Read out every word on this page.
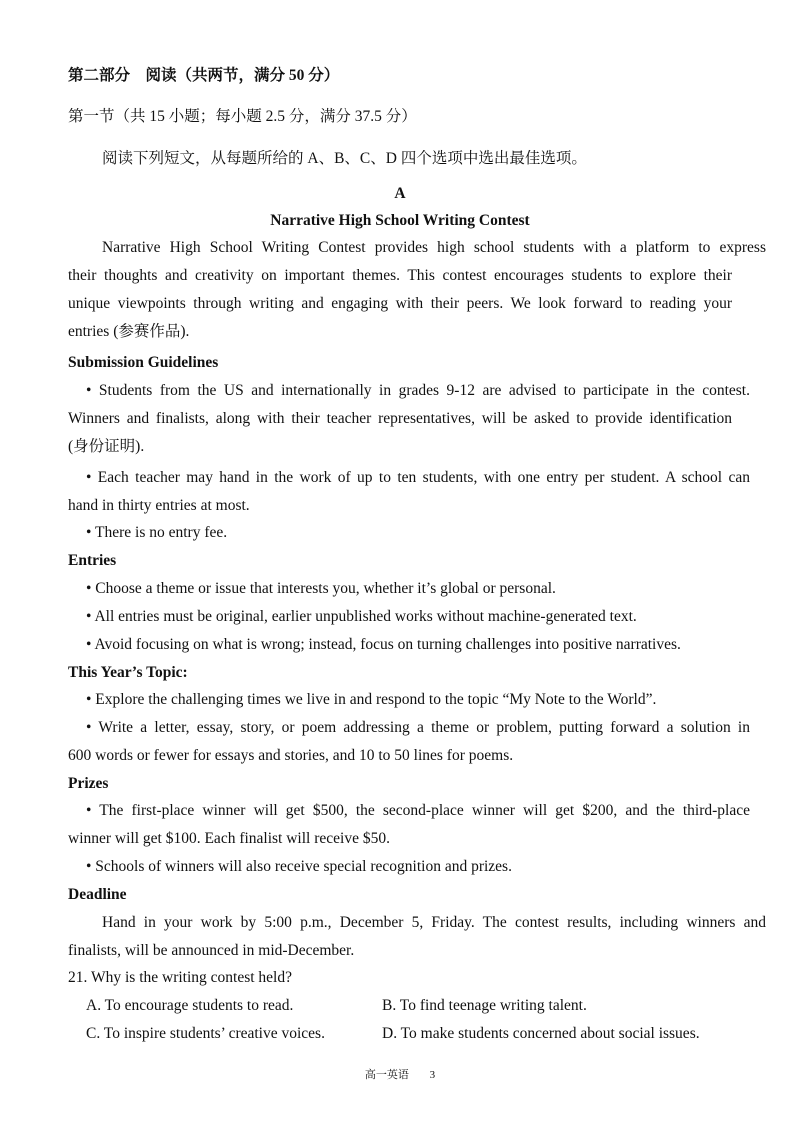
第二部分　阅读（共两节，满分 50 分）
第一节（共 15 小题；每小题 2.5 分，满分 37.5 分）
阅读下列短文，从每题所给的 A、B、C、D 四个选项中选出最佳选项。
A
Narrative High School Writing Contest
Narrative High School Writing Contest provides high school students with a platform to express
their thoughts and creativity on important themes. This contest encourages students to explore their
unique viewpoints through writing and engaging with their peers. We look forward to reading your
entries (参赛作品).
Submission Guidelines
• Students from the US and internationally in grades 9-12 are advised to participate in the contest.
Winners and finalists, along with their teacher representatives, will be asked to provide identification
(身份证明).
• Each teacher may hand in the work of up to ten students, with one entry per student. A school can
hand in thirty entries at most.
• There is no entry fee.
Entries
• Choose a theme or issue that interests you, whether it’s global or personal.
• All entries must be original, earlier unpublished works without machine-generated text.
• Avoid focusing on what is wrong; instead, focus on turning challenges into positive narratives.
This Year’s Topic:
• Explore the challenging times we live in and respond to the topic “My Note to the World”.
• Write a letter, essay, story, or poem addressing a theme or problem, putting forward a solution in
600 words or fewer for essays and stories, and 10 to 50 lines for poems.
Prizes
• The first-place winner will get $500, the second-place winner will get $200, and the third-place
winner will get $100. Each finalist will receive $50.
• Schools of winners will also receive special recognition and prizes.
Deadline
Hand in your work by 5:00 p.m., December 5, Friday. The contest results, including winners and
finalists, will be announced in mid-December.
21. Why is the writing contest held?
A. To encourage students to read.	B. To find teenage writing talent.
C. To inspire students’ creative voices.	D. To make students concerned about social issues.
高一英语 3
